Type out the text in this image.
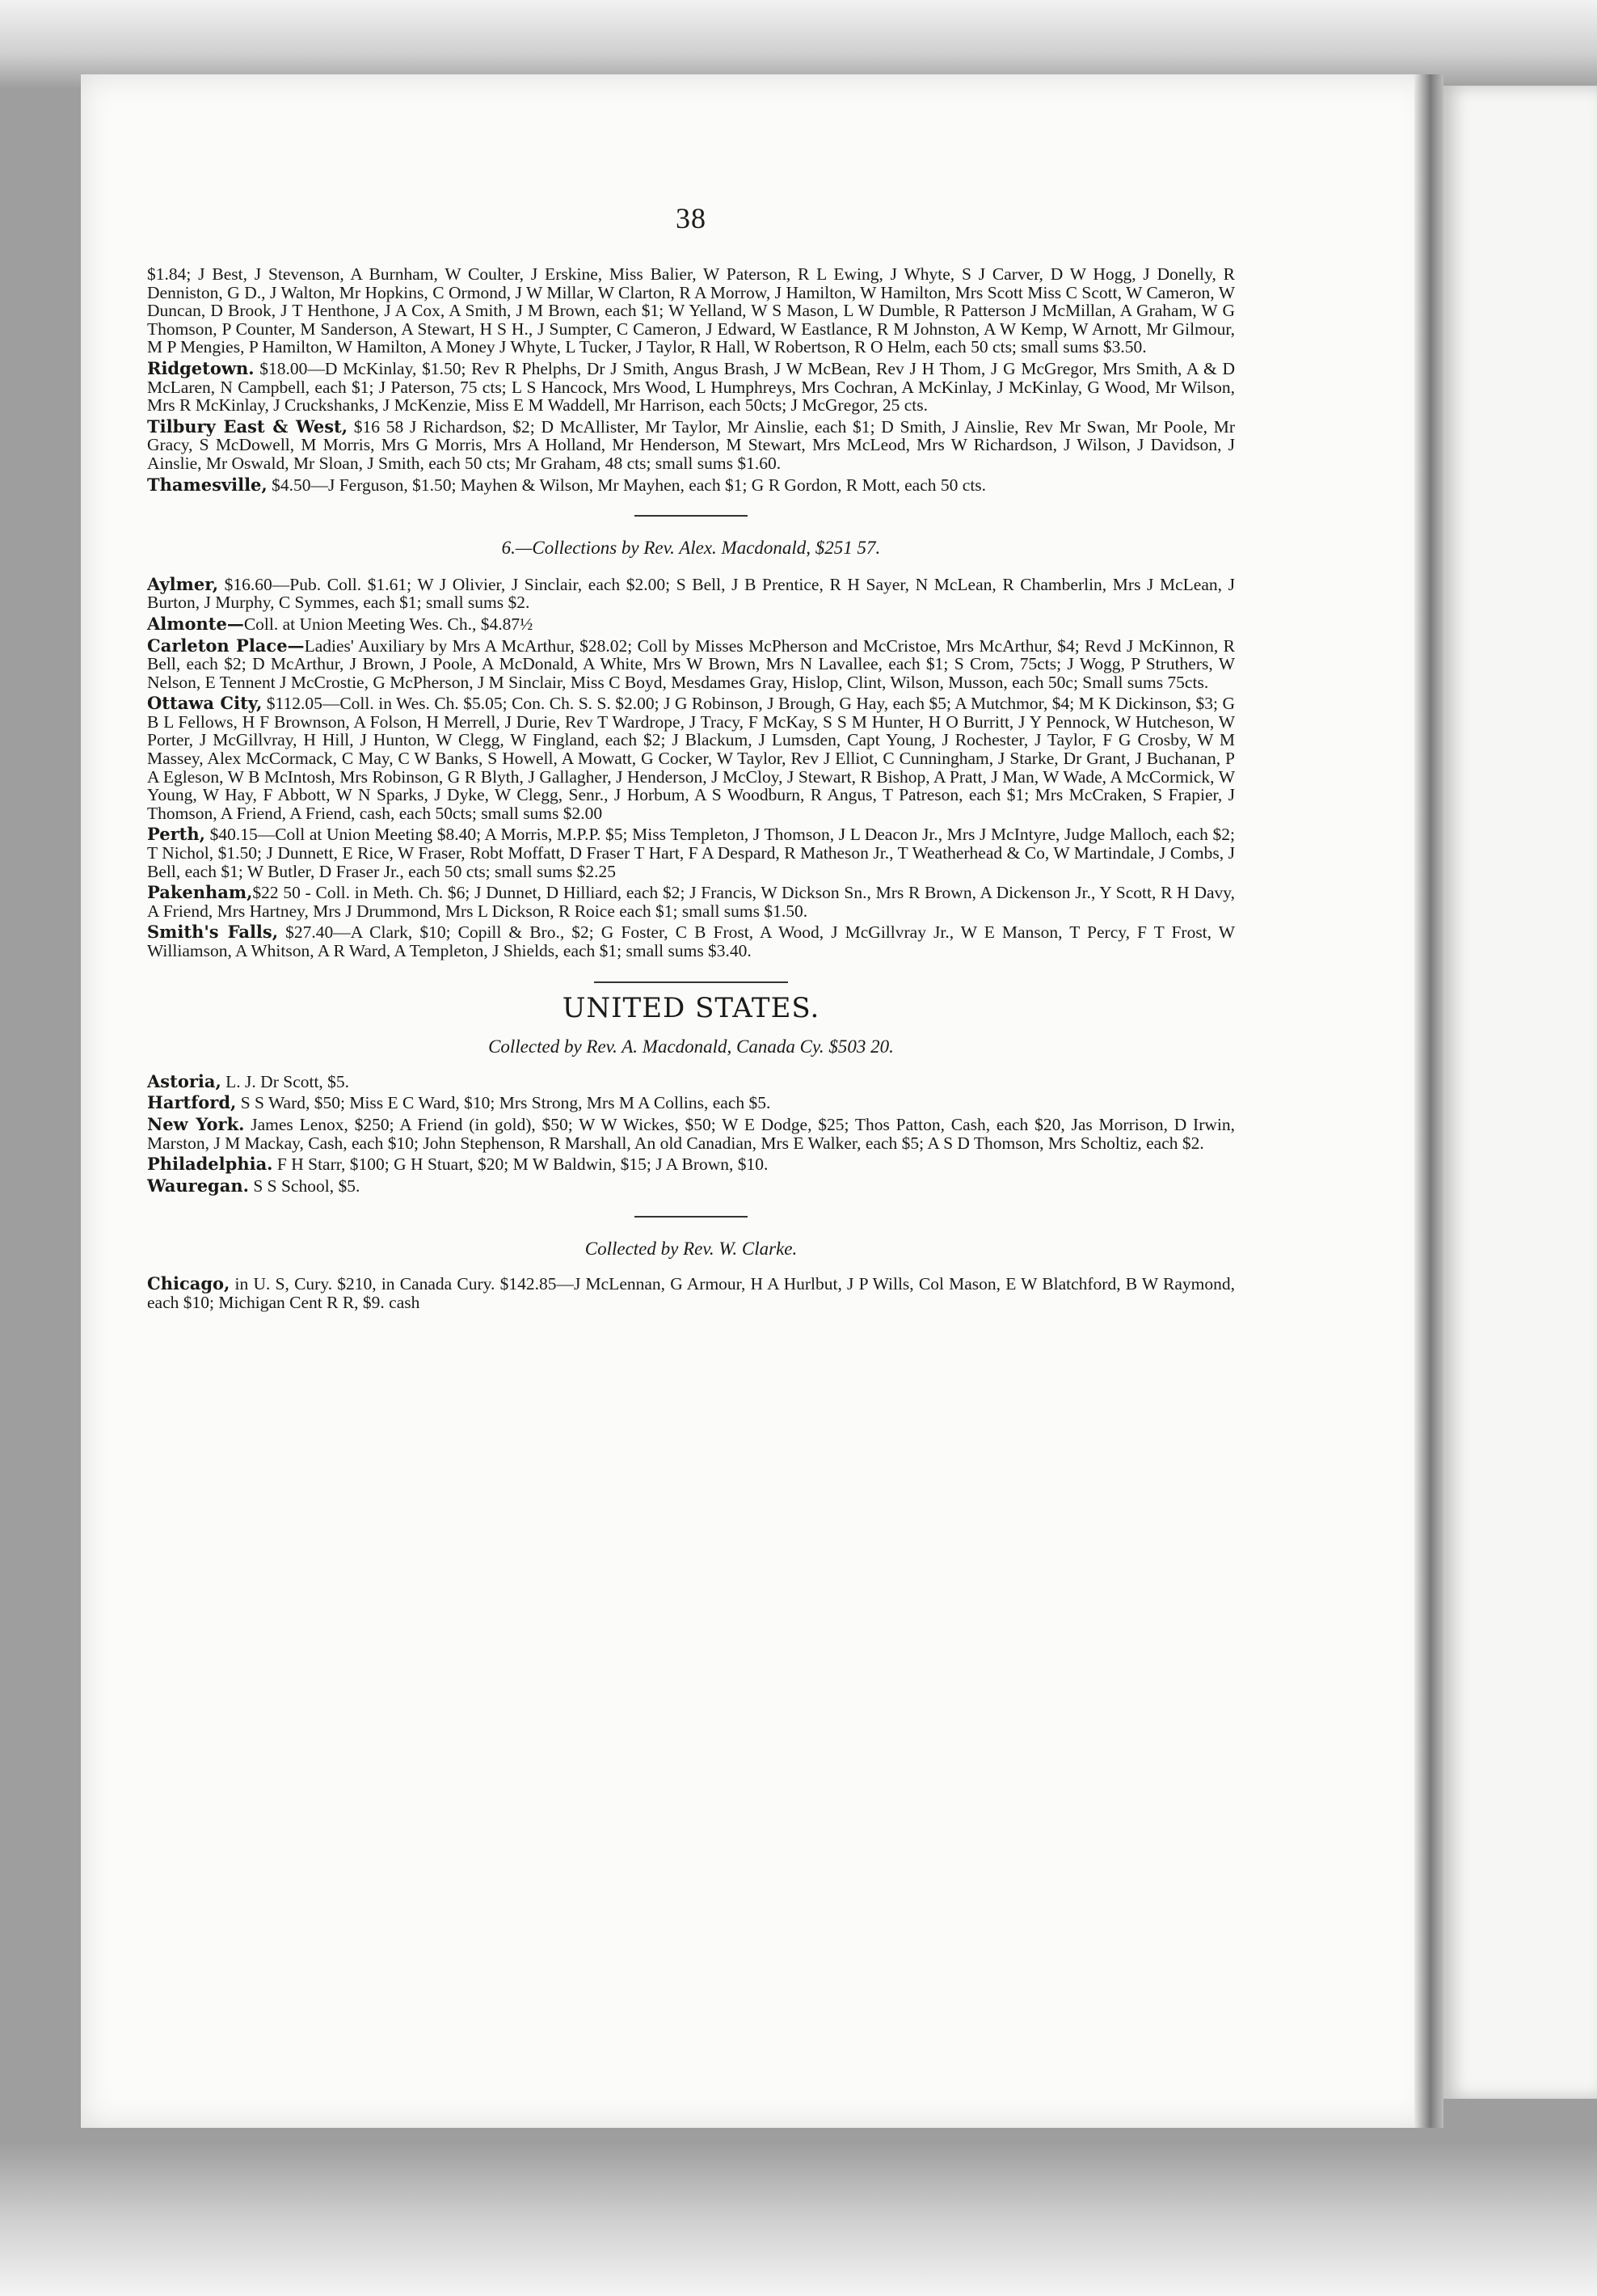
38

$1.84; J Best, J Stevenson, A Burnham, W Coulter, J Erskine, Miss Balier, W Paterson, R L Ewing, J Whyte, S J Carver, D W Hogg, J Donelly, R Denniston, G D., J Walton, Mr Hopkins, C Ormond, J W Millar, W Clarton, R A Morrow, J Hamilton, W Hamilton, Mrs Scott Miss C Scott, W Cameron, W Duncan, D Brook, J T Henthone, J A Cox, A Smith, J M Brown, each $1; W Yelland, W S Mason, L W Dumble, R Patterson J McMillan, A Graham, W G Thomson, P Counter, M Sanderson, A Stewart, H S H., J Sumpter, C Cameron, J Edward, W Eastlance, R M Johnston, A W Kemp, W Arnott, Mr Gilmour, M P Mengies, P Hamilton, W Hamilton, A Money J Whyte, L Tucker, J Taylor, R Hall, W Robertson, R O Helm, each 50 cts; small sums $3.50.

Ridgetown. $18.00—D McKinlay, $1.50; Rev R Phelphs, Dr J Smith, Angus Brash, J W McBean, Rev J H Thom, J G McGregor, Mrs Smith, A & D McLaren, N Campbell, each $1; J Paterson, 75 cts; L S Hancock, Mrs Wood, L Humphreys, Mrs Cochran, A McKinlay, J McKinlay, G Wood, Mr Wilson, Mrs R McKinlay, J Cruckshanks, J McKenzie, Miss E M Waddell, Mr Harrison, each 50cts; J McGregor, 25 cts.

Tilbury East & West, $16 58 J Richardson, $2; D McAllister, Mr Taylor, Mr Ainslie, each $1; D Smith, J Ainslie, Rev Mr Swan, Mr Poole, Mr Gracy, S McDowell, M Morris, Mrs G Morris, Mrs A Holland, Mr Henderson, M Stewart, Mrs McLeod, Mrs W Richardson, J Wilson, J Davidson, J Ainslie, Mr Oswald, Mr Sloan, J Smith, each 50 cts; Mr Graham, 48 cts; small sums $1.60.

Thamesville, $4.50—J Ferguson, $1.50; Mayhen & Wilson, Mr Mayhen, each $1; G R Gordon, R Mott, each 50 cts.

6.—Collections by Rev. Alex. Macdonald, $251 57.

Aylmer, $16.60—Pub. Coll. $1.61; W J Olivier, J Sinclair, each $2.00; S Bell, J B Prentice, R H Sayer, N McLean, R Chamberlin, Mrs J McLean, J Burton, J Murphy, C Symmes, each $1; small sums $2.

Almonte—Coll. at Union Meeting Wes. Ch., $4.87½

Carleton Place—Ladies' Auxiliary by Mrs A McArthur, $28.02; Coll by Misses McPherson and McCristoe, Mrs McArthur, $4; Revd J McKinnon, R Bell, each $2; D McArthur, J Brown, J Poole, A McDonald, A White, Mrs W Brown, Mrs N Lavallee, each $1; S Crom, 75cts; J Wogg, P Struthers, W Nelson, E Tennent J McCrostie, G McPherson, J M Sinclair, Miss C Boyd, Mesdames Gray, Hislop, Clint, Wilson, Musson, each 50c; Small sums 75cts.

Ottawa City, $112.05—Coll. in Wes. Ch. $5.05; Con. Ch. S. S. $2.00; J G Robinson, J Brough, G Hay, each $5; A Mutchmor, $4; M K Dickinson, $3; G B L Fellows, H F Brownson, A Folson, H Merrell, J Durie, Rev T Wardrope, J Tracy, F McKay, S S M Hunter, H O Burritt, J Y Pennock, W Hutcheson, W Porter, J McGillvray, H Hill, J Hunton, W Clegg, W Fingland, each $2; J Blackum, J Lumsden, Capt Young, J Rochester, J Taylor, F G Crosby, W M Massey, Alex McCormack, C May, C W Banks, S Howell, A Mowatt, G Cocker, W Taylor, Rev J Elliot, C Cunningham, J Starke, Dr Grant, J Buchanan, P A Egleson, W B McIntosh, Mrs Robinson, G R Blyth, J Gallagher, J Henderson, J McCloy, J Stewart, R Bishop, A Pratt, J Man, W Wade, A McCormick, W Young, W Hay, F Abbott, W N Sparks, J Dyke, W Clegg, Senr., J Horbum, A S Woodburn, R Angus, T Patreson, each $1; Mrs McCraken, S Frapier, J Thomson, A Friend, A Friend, cash, each 50cts; small sums $2.00

Perth, $40.15—Coll at Union Meeting $8.40; A Morris, M.P.P. $5; Miss Templeton, J Thomson, J L Deacon Jr., Mrs J McIntyre, Judge Malloch, each $2; T Nichol, $1.50; J Dunnett, E Rice, W Fraser, Robt Moffatt, D Fraser T Hart, F A Despard, R Matheson Jr., T Weatherhead & Co, W Martindale, J Combs, J Bell, each $1; W Butler, D Fraser Jr., each 50 cts; small sums $2.25

Pakenham,$22 50 - Coll. in Meth. Ch. $6; J Dunnet, D Hilliard, each $2; J Francis, W Dickson Sn., Mrs R Brown, A Dickenson Jr., Y Scott, R H Davy, A Friend, Mrs Hartney, Mrs J Drummond, Mrs L Dickson, R Roice each $1; small sums $1.50.

Smith's Falls, $27.40—A Clark, $10; Copill & Bro., $2; G Foster, C B Frost, A Wood, J McGillvray Jr., W E Manson, T Percy, F T Frost, W Williamson, A Whitson, A R Ward, A Templeton, J Shields, each $1; small sums $3.40.

UNITED STATES.
Collected by Rev. A. Macdonald, Canada Cy. $503 20.

Astoria, L. J. Dr Scott, $5.

Hartford, S S Ward, $50; Miss E C Ward, $10; Mrs Strong, Mrs M A Collins, each $5.

New York. James Lenox, $250; A Friend (in gold), $50; W W Wickes, $50; W E Dodge, $25; Thos Patton, Cash, each $20, Jas Morrison, D Irwin, Marston, J M Mackay, Cash, each $10; John Stephenson, R Marshall, An old Canadian, Mrs E Walker, each $5; A S D Thomson, Mrs Scholtiz, each $2.

Philadelphia. F H Starr, $100; G H Stuart, $20; M W Baldwin, $15; J A Brown, $10.

Wauregan. S S School, $5.

Collected by Rev. W. Clarke.

Chicago, in U. S, Cury. $210, in Canada Cury. $142.85—J McLennan, G Armour, H A Hurlbut, J P Wills, Col Mason, E W Blatchford, B W Raymond, each $10; Michigan Cent R R, $9. cash
